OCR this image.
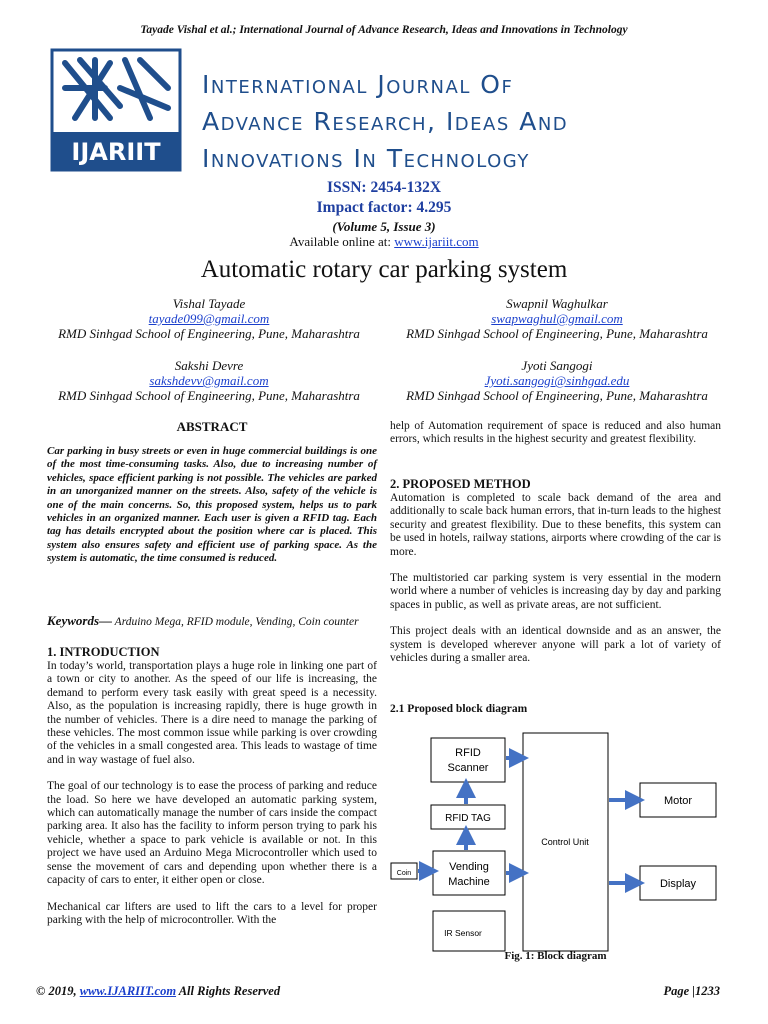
Tayade Vishal et al.; International Journal of Advance Research, Ideas and Innovations in Technology
IJARIIT
International Journal Of
Advance Research, Ideas And
Innovations In Technology
ISSN: 2454-132X
Impact factor: 4.295
(Volume 5, Issue 3)
Available online at: www.ijariit.com
Automatic rotary car parking system
Vishal Tayade
tayade099@gmail.com
RMD Sinhgad School of Engineering, Pune, Maharashtra
Swapnil Waghulkar
swapwaghul@gmail.com
RMD Sinhgad School of Engineering, Pune, Maharashtra
Sakshi Devre
sakshdevv@gmail.com
RMD Sinhgad School of Engineering, Pune, Maharashtra
Jyoti Sangogi
Jyoti.sangogi@sinhgad.edu
RMD Sinhgad School of Engineering, Pune, Maharashtra
ABSTRACT
Car parking in busy streets or even in huge commercial buildings is one of the most time-consuming tasks. Also, due to increasing number of vehicles, space efficient parking is not possible. The vehicles are parked in an unorganized manner on the streets. Also, safety of the vehicle is one of the main concerns. So, this proposed system, helps us to park vehicles in an organized manner. Each user is given a RFID tag. Each tag has details encrypted about the position where car is placed. This system also ensures safety and efficient use of parking space. As the system is automatic, the time consumed is reduced.
Keywords— Arduino Mega, RFID module, Vending, Coin counter
1. INTRODUCTION

In today’s world, transportation plays a huge role in linking one part of a town or city to another. As the speed of our life is increasing, the demand to perform every task easily with great speed is a necessity. Also, as the population is increasing rapidly, there is huge growth in the number of vehicles. There is a dire need to manage the parking of these vehicles. The most common issue while parking is over crowding of the vehicles in a small congested area. This leads to wastage of time and in way wastage of fuel also.

The goal of our technology is to ease the process of parking and reduce the load. So here we have developed an automatic parking system, which can automatically manage the number of cars inside the compact parking area. It also has the facility to inform person trying to park his vehicle, whether a space to park vehicle is available or not. In this project we have used an Arduino Mega Microcontroller which used to sense the movement of cars and depending upon whether there is a capacity of cars to enter, it either open or close.

Mechanical car lifters are used to lift the cars to a level for proper parking with the help of microcontroller. With the

help of Automation requirement of space is reduced and also human errors, which results in the highest security and greatest flexibility.
2. PROPOSED METHOD

Automation is completed to scale back demand of the area and additionally to scale back human errors, that in-turn leads to the highest security and greatest flexibility. Due to these benefits, this system can be used in hotels, railway stations, airports where crowding of the car is more.

The multistoried car parking system is very essential in the modern world where a number of vehicles is increasing day by day and parking spaces in public, as well as private areas, are not sufficient.

This project deals with an identical downside and as an answer, the system is developed wherever anyone will park a lot of variety of vehicles during a smaller area.

2.1 Proposed block diagram
RFID
Scanner
RFID TAG
Vending
Machine
IR Sensor
Control Unit
Motor
Display
Coin
Fig. 1: Block diagram
© 2019, www.IJARIIT.com All Rights Reserved	Page |1233
